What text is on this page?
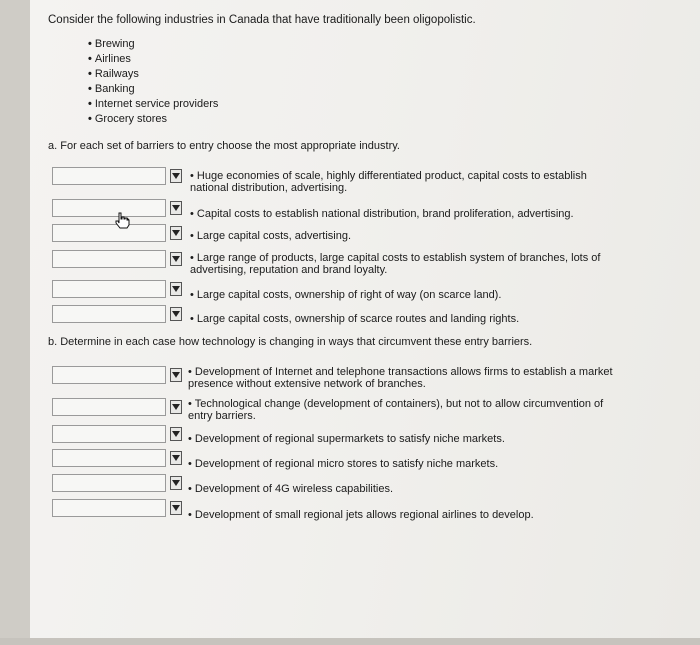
Consider the following industries in Canada that have traditionally been oligopolistic.
• Brewing
• Airlines
• Railways
• Banking
• Internet service providers
• Grocery stores
a. For each set of barriers to entry choose the most appropriate industry.
• Huge economies of scale, highly differentiated product, capital costs to establish national distribution, advertising.
• Capital costs to establish national distribution, brand proliferation, advertising.
• Large capital costs, advertising.
• Large range of products, large capital costs to establish system of branches, lots of advertising, reputation and brand loyalty.
• Large capital costs, ownership of right of way (on scarce land).
• Large capital costs, ownership of scarce routes and landing rights.
b. Determine in each case how technology is changing in ways that circumvent these entry barriers.
• Development of Internet and telephone transactions allows firms to establish a market presence without extensive network of branches.
• Technological change (development of containers), but not to allow circumvention of entry barriers.
• Development of regional supermarkets to satisfy niche markets.
• Development of regional micro stores to satisfy niche markets.
• Development of 4G wireless capabilities.
• Development of small regional jets allows regional airlines to develop.
